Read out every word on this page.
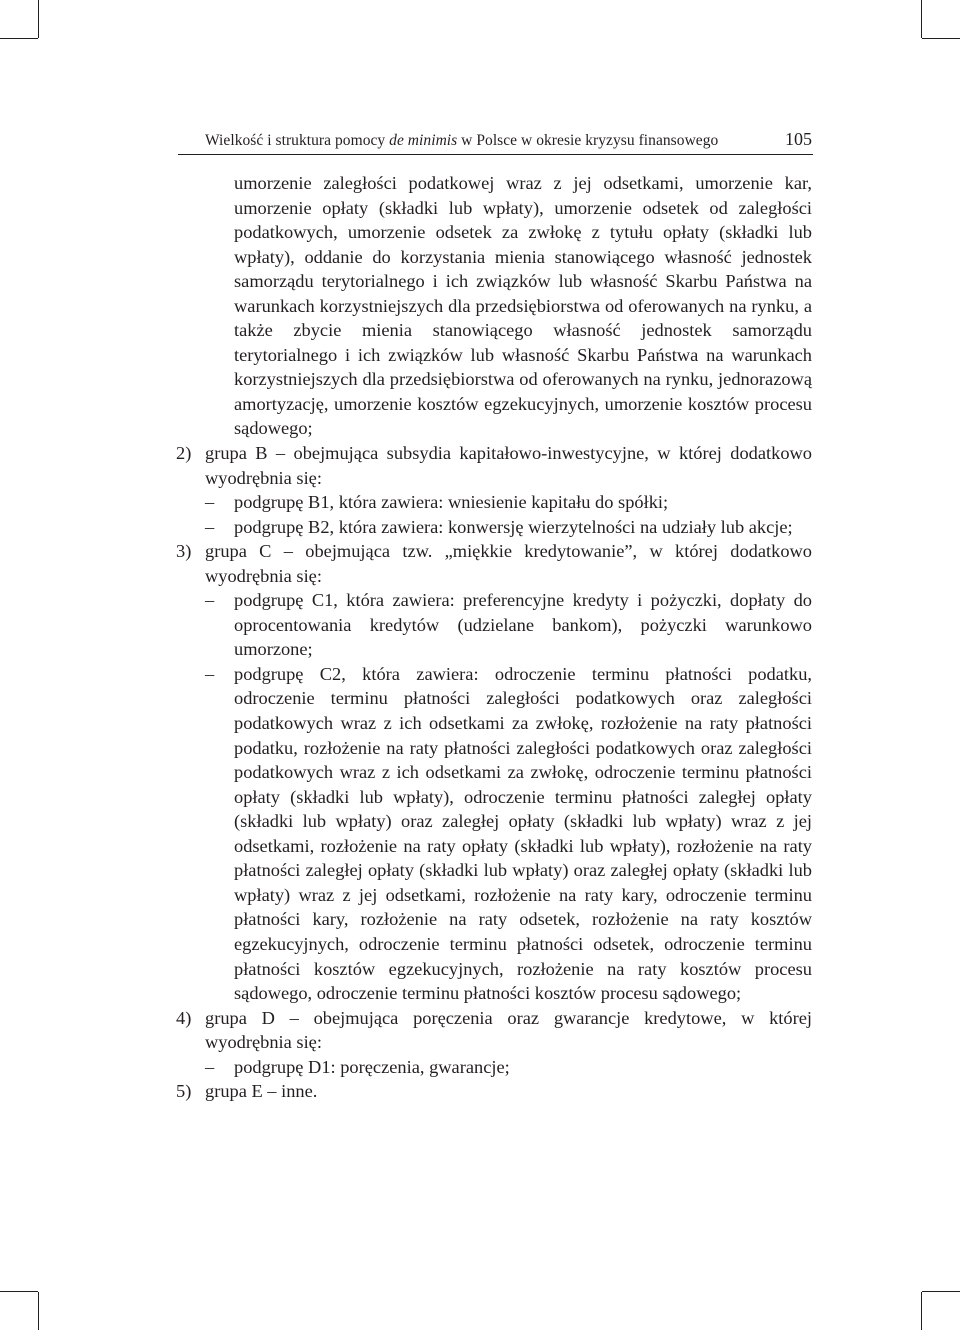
Wielkość i struktura pomocy de minimis w Polsce w okresie kryzysu finansowego	105

umorzenie zaległości podatkowej wraz z jej odsetkami, umorzenie kar, umorzenie opłaty (składki lub wpłaty), umorzenie odsetek od zaległości podatkowych, umorzenie odsetek za zwłokę z tytułu opłaty (składki lub wpłaty), oddanie do korzystania mienia stanowiącego własność jednostek samorządu terytorialnego i ich związków lub własność Skarbu Państwa na warunkach korzystniejszych dla przedsiębiorstwa od oferowanych na rynku, a także zbycie mienia stanowiącego własność jednostek samorządu terytorialnego i ich związków lub własność Skarbu Państwa na warunkach korzystniejszych dla przedsiębiorstwa od oferowanych na rynku, jednorazową amortyzację, umorzenie kosztów egzekucyjnych, umorzenie kosztów procesu sądowego;

2) grupa B – obejmująca subsydia kapitałowo-inwestycyjne, w której dodatkowo wyodrębnia się:
– podgrupę B1, która zawiera: wniesienie kapitału do spółki;
– podgrupę B2, która zawiera: konwersję wierzytelności na udziały lub akcje;
3) grupa C – obejmująca tzw. „miękkie kredytowanie”, w której dodatkowo wyodrębnia się:
– podgrupę C1, która zawiera: preferencyjne kredyty i pożyczki, dopłaty do oprocentowania kredytów (udzielane bankom), pożyczki warunkowo umorzone;
– podgrupę C2, która zawiera: odroczenie terminu płatności podatku, odroczenie terminu płatności zaległości podatkowych oraz zaległości podatkowych wraz z ich odsetkami za zwłokę, rozłożenie na raty płatności podatku, rozłożenie na raty płatności zaległości podatkowych oraz zaległości podatkowych wraz z ich odsetkami za zwłokę, odroczenie terminu płatności opłaty (składki lub wpłaty), odroczenie terminu płatności zaległej opłaty (składki lub wpłaty) oraz zaległej opłaty (składki lub wpłaty) wraz z jej odsetkami, rozłożenie na raty opłaty (składki lub wpłaty), rozłożenie na raty płatności zaległej opłaty (składki lub wpłaty) oraz zaległej opłaty (składki lub wpłaty) wraz z jej odsetkami, rozłożenie na raty kary, odroczenie terminu płatności kary, rozłożenie na raty odsetek, rozłożenie na raty kosztów egzekucyjnych, odroczenie terminu płatności odsetek, odroczenie terminu płatności kosztów egzekucyjnych, rozłożenie na raty kosztów procesu sądowego, odroczenie terminu płatności kosztów procesu sądowego;
4) grupa D – obejmująca poręczenia oraz gwarancje kredytowe, w której wyodrębnia się:
– podgrupę D1: poręczenia, gwarancje;
5) grupa E – inne.
